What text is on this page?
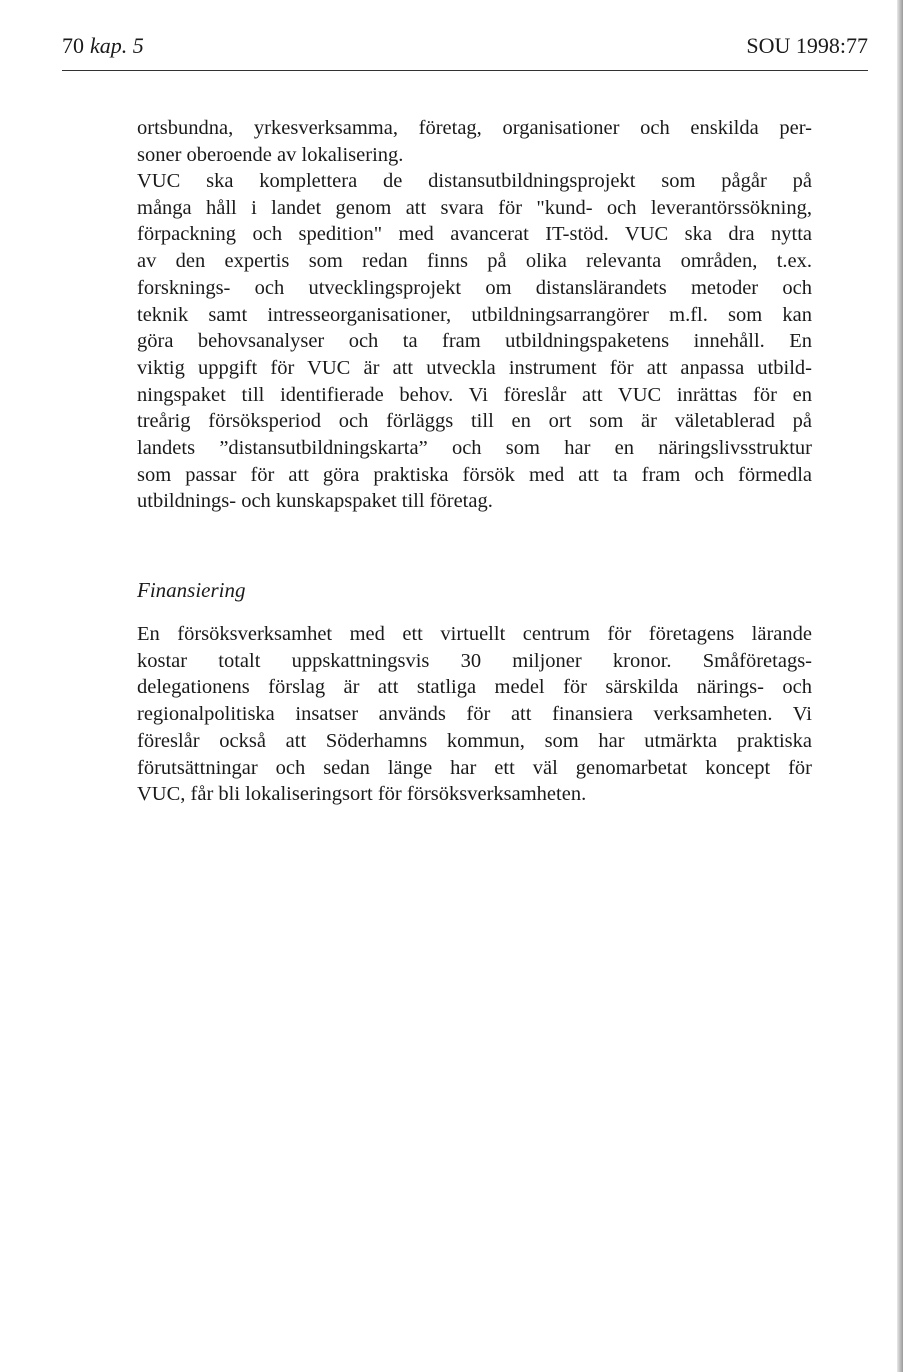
70 kap. 5	SOU 1998:77

ortsbundna, yrkesverksamma, företag, organisationer och enskilda per-
soner oberoende av lokalisering.

VUC ska komplettera de distansutbildningsprojekt som pågår på
många håll i landet genom att svara för "kund- och leverantörssökning,
förpackning och spedition" med avancerat IT-stöd. VUC ska dra nytta
av den expertis som redan finns på olika relevanta områden, t.ex.
forsknings- och utvecklingsprojekt om distanslärandets metoder och
teknik samt intresseorganisationer, utbildningsarrangörer m.fl. som kan
göra behovsanalyser och ta fram utbildningspaketens innehåll. En
viktig uppgift för VUC är att utveckla instrument för att anpassa utbild-
ningspaket till identifierade behov. Vi föreslår att VUC inrättas för en
treårig försöksperiod och förläggs till en ort som är väletablerad på
landets ”distansutbildningskarta” och som har en näringslivsstruktur
som passar för att göra praktiska försök med att ta fram och förmedla
utbildnings- och kunskapspaket till företag.

Finansiering

En försöksverksamhet med ett virtuellt centrum för företagens lärande
kostar totalt uppskattningsvis 30 miljoner kronor. Småföretags-
delegationens förslag är att statliga medel för särskilda närings- och
regionalpolitiska insatser används för att finansiera verksamheten. Vi
föreslår också att Söderhamns kommun, som har utmärkta praktiska
förutsättningar och sedan länge har ett väl genomarbetat koncept för
VUC, får bli lokaliseringsort för försöksverksamheten.
